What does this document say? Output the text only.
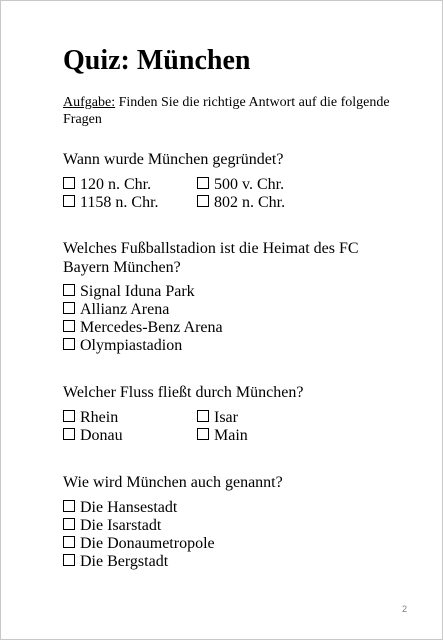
Quiz: München
Aufgabe: Finden Sie die richtige Antwort auf die folgende Fragen
Wann wurde München gegründet?
120 n. Chr.	500 v. Chr.
1158 n. Chr.	802 n. Chr.
Welches Fußballstadion ist die Heimat des FC Bayern München?
Signal Iduna Park
Allianz Arena
Mercedes-Benz Arena
Olympiastadion
Welcher Fluss fließt durch München?
Rhein	Isar
Donau	Main
Wie wird München auch genannt?
Die Hansestadt
Die Isarstadt
Die Donaumetropole
Die Bergstadt
2
